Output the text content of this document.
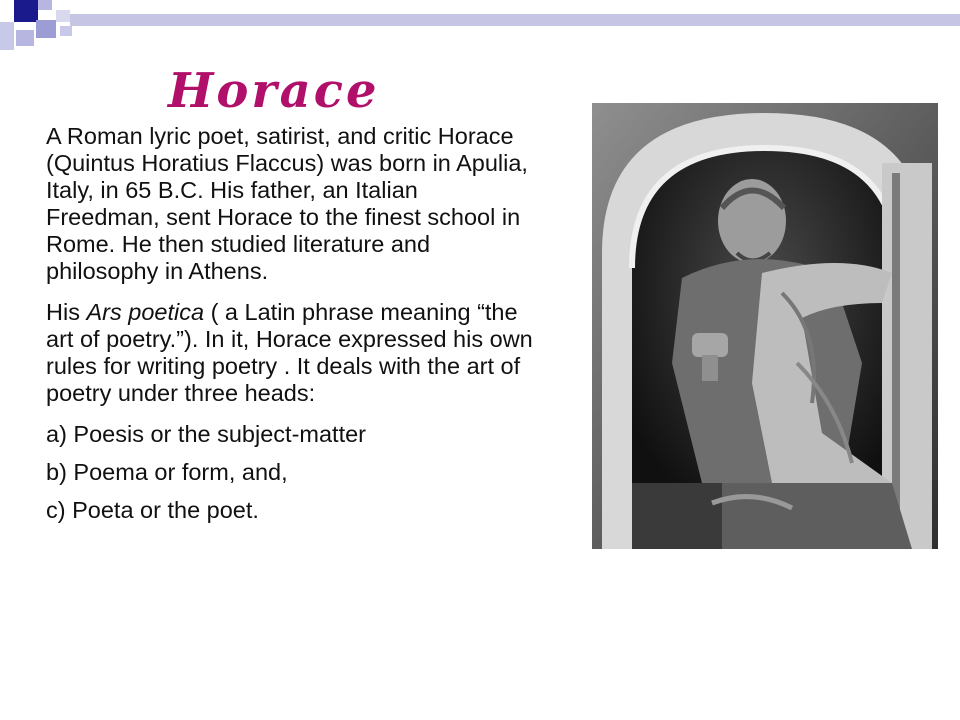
Horace

A Roman lyric poet, satirist, and critic Horace (Quintus Horatius Flaccus) was born in Apulia, Italy, in 65 B.C. His father, an Italian Freedman, sent Horace to the finest school in Rome. He then studied literature and philosophy in Athens.

His Ars poetica ( a Latin phrase meaning “the art of poetry.”). In it, Horace expressed his own rules for writing poetry . It deals with the art of poetry under three heads:

a) Poesis or the subject-matter

b) Poema or form, and,

c) Poeta or the poet.
